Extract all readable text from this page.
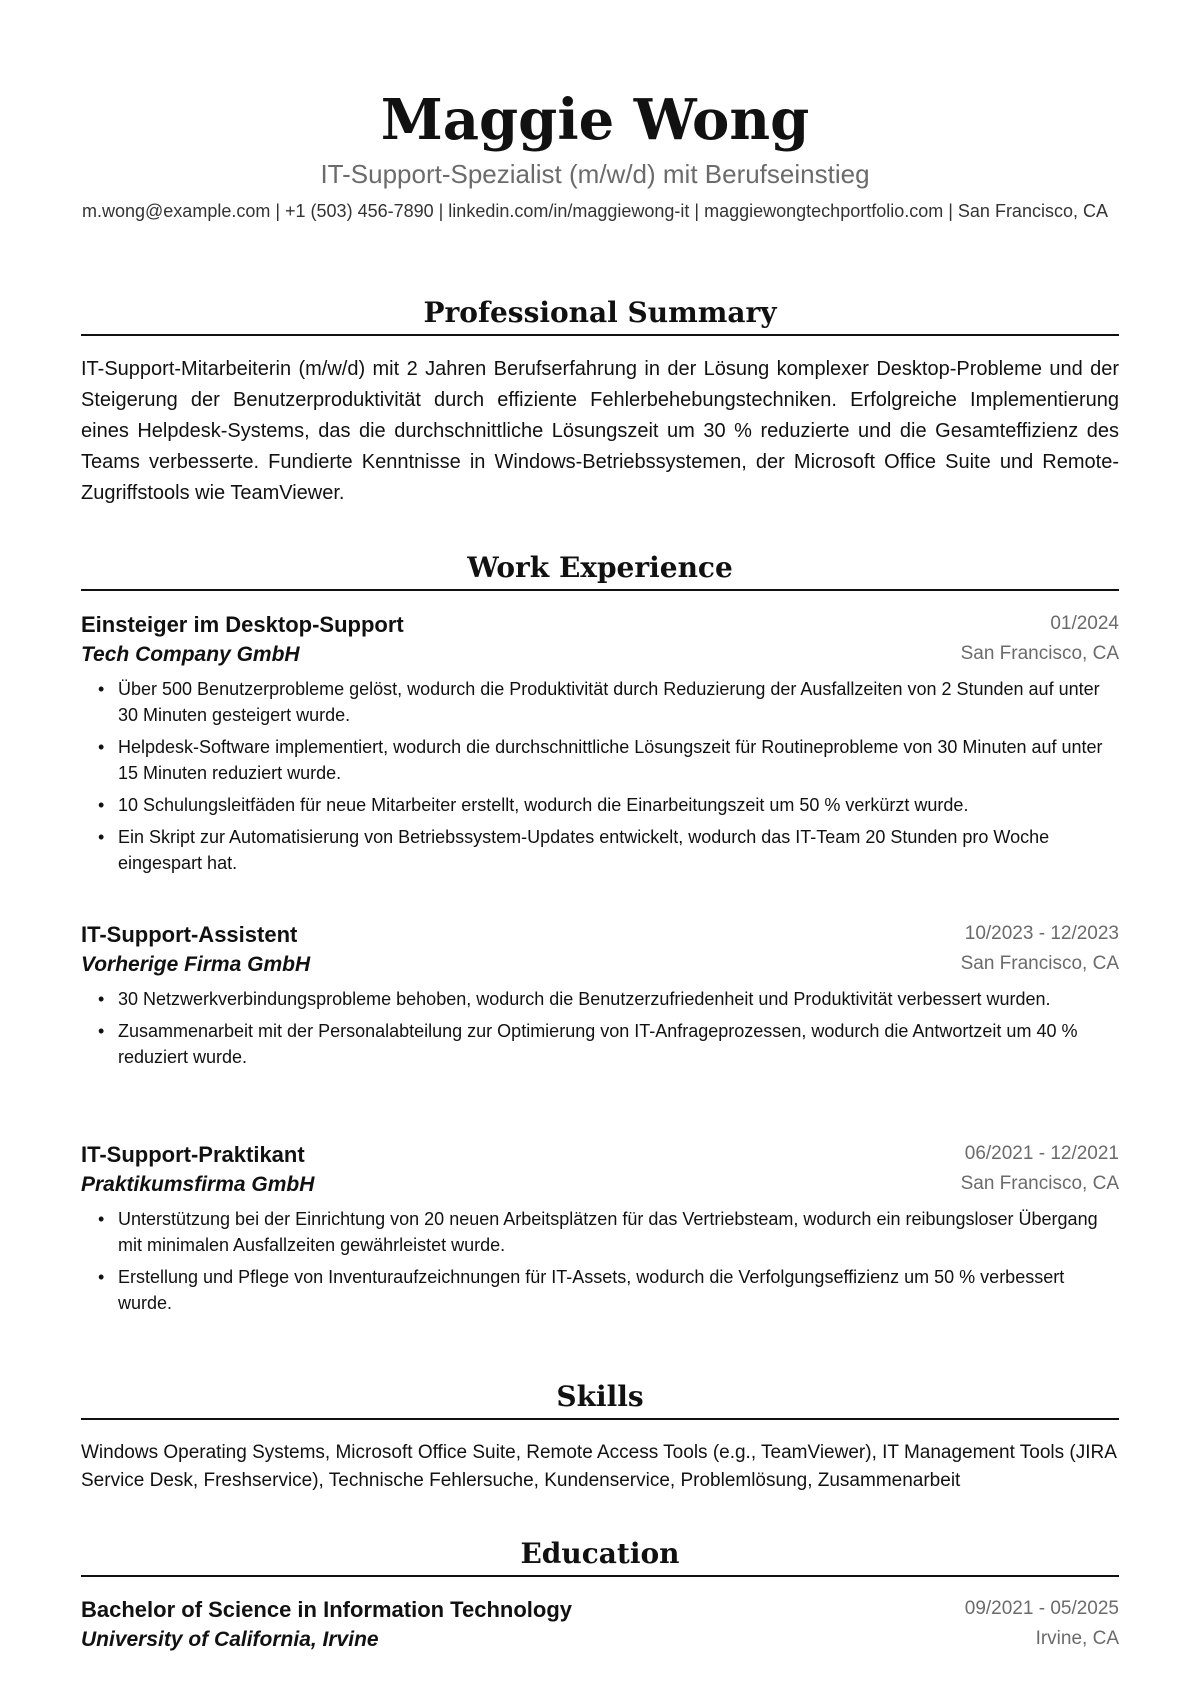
Maggie Wong
IT-Support-Spezialist (m/w/d) mit Berufseinstieg
m.wong@example.com | +1 (503) 456-7890 | linkedin.com/in/maggiewong-it | maggiewongtechportfolio.com | San Francisco, CA
Professional Summary

IT-Support-Mitarbeiterin (m/w/d) mit 2 Jahren Berufserfahrung in der Lösung komplexer Desktop-Probleme und der Steigerung der Benutzerproduktivität durch effiziente Fehlerbehebungstechniken. Erfolgreiche Implementierung eines Helpdesk-Systems, das die durchschnittliche Lösungszeit um 30 % reduzierte und die Gesamteffizienz des Teams verbesserte. Fundierte Kenntnisse in Windows-Betriebssystemen, der Microsoft Office Suite und Remote-Zugriffstools wie TeamViewer.

Work Experience
Einsteiger im Desktop-Support	01/2024
Tech Company GmbH	San Francisco, CA
• Über 500 Benutzerprobleme gelöst, wodurch die Produktivität durch Reduzierung der Ausfallzeiten von 2 Stunden auf unter 30 Minuten gesteigert wurde.
• Helpdesk-Software implementiert, wodurch die durchschnittliche Lösungszeit für Routineprobleme von 30 Minuten auf unter 15 Minuten reduziert wurde.
• 10 Schulungsleitfäden für neue Mitarbeiter erstellt, wodurch die Einarbeitungszeit um 50 % verkürzt wurde.
• Ein Skript zur Automatisierung von Betriebssystem-Updates entwickelt, wodurch das IT-Team 20 Stunden pro Woche eingespart hat.
IT-Support-Assistent	10/2023 - 12/2023
Vorherige Firma GmbH	San Francisco, CA
• 30 Netzwerkverbindungsprobleme behoben, wodurch die Benutzerzufriedenheit und Produktivität verbessert wurden.
• Zusammenarbeit mit der Personalabteilung zur Optimierung von IT-Anfrageprozessen, wodurch die Antwortzeit um 40 % reduziert wurde.
IT-Support-Praktikant	06/2021 - 12/2021
Praktikumsfirma GmbH	San Francisco, CA
• Unterstützung bei der Einrichtung von 20 neuen Arbeitsplätzen für das Vertriebsteam, wodurch ein reibungsloser Übergang mit minimalen Ausfallzeiten gewährleistet wurde.
• Erstellung und Pflege von Inventuraufzeichnungen für IT-Assets, wodurch die Verfolgungseffizienz um 50 % verbessert wurde.
Skills

Windows Operating Systems, Microsoft Office Suite, Remote Access Tools (e.g., TeamViewer), IT Management Tools (JIRA Service Desk, Freshservice), Technische Fehlersuche, Kundenservice, Problemlösung, Zusammenarbeit

Education
Bachelor of Science in Information Technology	09/2021 - 05/2025
University of California, Irvine	Irvine, CA
